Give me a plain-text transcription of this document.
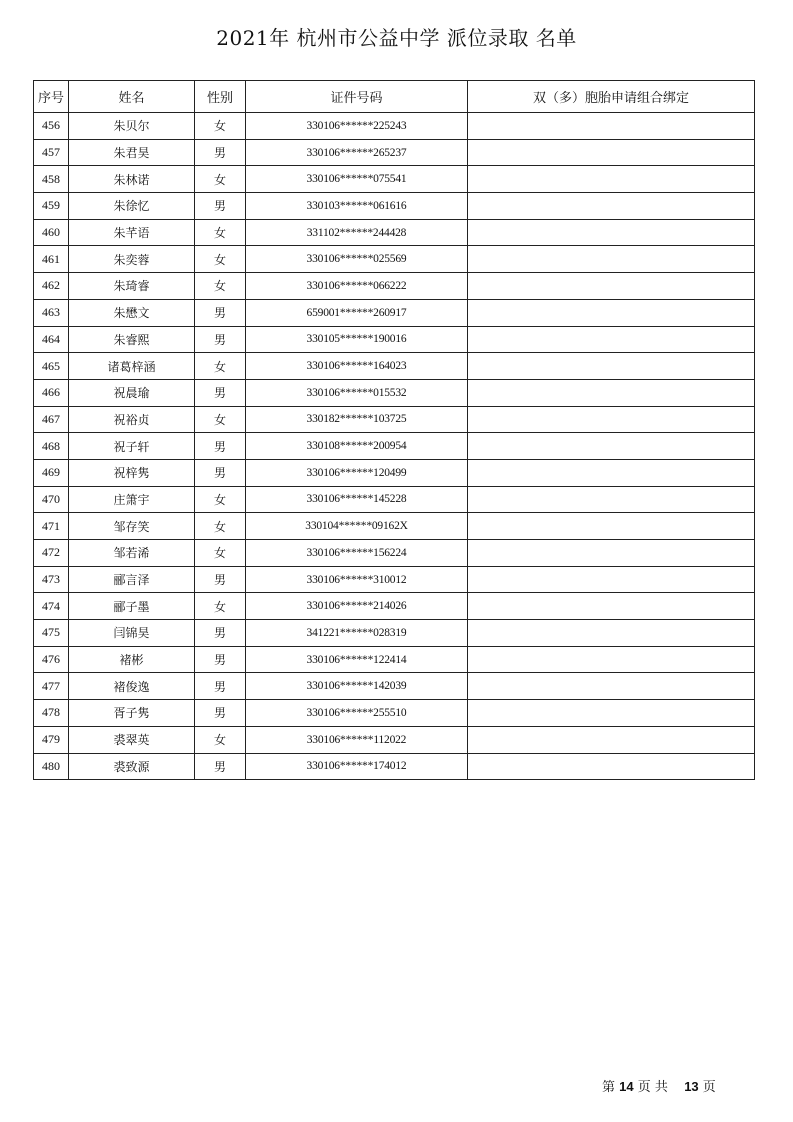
2021年 杭州市公益中学 派位录取 名单
序号	姓名	性别	证件号码	双（多）胞胎申请组合绑定
456	朱贝尔	女	330106******225243	
457	朱君昊	男	330106******265237	
458	朱林诺	女	330106******075541	
459	朱徐忆	男	330103******061616	
460	朱芊语	女	331102******244428	
461	朱奕蓉	女	330106******025569	
462	朱琦睿	女	330106******066222	
463	朱懋文	男	659001******260917	
464	朱睿熙	男	330105******190016	
465	诸葛梓涵	女	330106******164023	
466	祝晨瑜	男	330106******015532	
467	祝裕贞	女	330182******103725	
468	祝子轩	男	330108******200954	
469	祝梓隽	男	330106******120499	
470	庄箫宇	女	330106******145228	
471	邹存笑	女	330104******09162X	
472	邹若浠	女	330106******156224	
473	郦言泽	男	330106******310012	
474	郦子墨	女	330106******214026	
475	闫锦昊	男	341221******028319	
476	褚彬	男	330106******122414	
477	褚俊逸	男	330106******142039	
478	胥子隽	男	330106******255510	
479	裘翠英	女	330106******112022	
480	裘致源	男	330106******174012	
第 14 页 共 13 页
